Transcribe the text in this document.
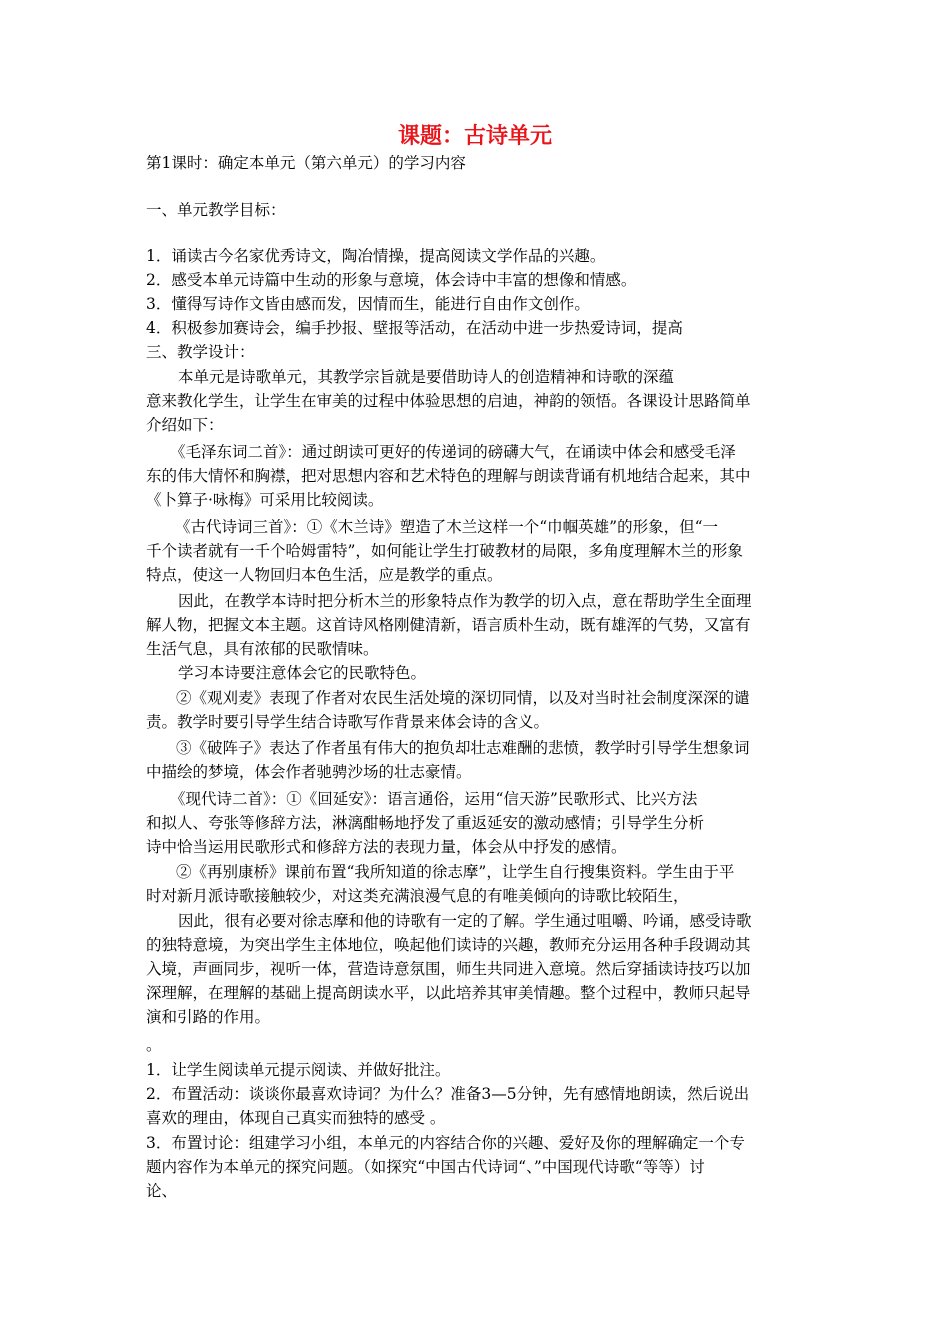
课题：古诗单元
第1课时：确定本单元（第六单元）的学习内容
一、单元教学目标：
1．诵读古今名家优秀诗文，陶冶情操，提高阅读文学作品的兴趣。
2．感受本单元诗篇中生动的形象与意境，体会诗中丰富的想像和情感。
3．懂得写诗作文皆由感而发，因情而生，能进行自由作文创作。
4．积极参加赛诗会，编手抄报、壁报等活动，在活动中进一步热爱诗词，提高
三、教学设计：
本单元是诗歌单元，其教学宗旨就是要借助诗人的创造精神和诗歌的深蕴
意来教化学生，让学生在审美的过程中体验思想的启迪，神韵的领悟。各课设计思路简单
介绍如下：
《毛泽东词二首》：通过朗读可更好的传递词的磅礴大气，在诵读中体会和感受毛泽
东的伟大情怀和胸襟，把对思想内容和艺术特色的理解与朗读背诵有机地结合起来，其中
《卜算子·咏梅》可采用比较阅读。
《古代诗词三首》：①《木兰诗》塑造了木兰这样一个“巾帼英雄”的形象，但“一
千个读者就有一千个哈姆雷特”，如何能让学生打破教材的局限，多角度理解木兰的形象
特点，使这一人物回归本色生活，应是教学的重点。
因此，在教学本诗时把分析木兰的形象特点作为教学的切入点，意在帮助学生全面理
解人物，把握文本主题。这首诗风格刚健清新，语言质朴生动，既有雄浑的气势，又富有
生活气息，具有浓郁的民歌情味。
学习本诗要注意体会它的民歌特色。
②《观刈麦》表现了作者对农民生活处境的深切同情，以及对当时社会制度深深的谴
责。教学时要引导学生结合诗歌写作背景来体会诗的含义。
③《破阵子》表达了作者虽有伟大的抱负却壮志难酬的悲愤，教学时引导学生想象词
中描绘的梦境，体会作者驰骋沙场的壮志豪情。
《现代诗二首》：①《回延安》：语言通俗，运用“信天游”民歌形式、比兴方法
和拟人、夸张等修辞方法，淋漓酣畅地抒发了重返延安的激动感情；引导学生分析
诗中恰当运用民歌形式和修辞方法的表现力量，体会从中抒发的感情。
②《再别康桥》课前布置“我所知道的徐志摩”，让学生自行搜集资料。学生由于平
时对新月派诗歌接触较少，对这类充满浪漫气息的有唯美倾向的诗歌比较陌生，
因此，很有必要对徐志摩和他的诗歌有一定的了解。学生通过咀嚼、吟诵，感受诗歌
的独特意境，为突出学生主体地位，唤起他们读诗的兴趣，教师充分运用各种手段调动其
入境，声画同步，视听一体，营造诗意氛围，师生共同进入意境。然后穿插读诗技巧以加
深理解，在理解的基础上提高朗读水平，以此培养其审美情趣。整个过程中，教师只起导
演和引路的作用。
。
1．让学生阅读单元提示阅读、并做好批注。
2．布置活动：谈谈你最喜欢诗词？为什么？准备3—5分钟，先有感情地朗读，然后说出
喜欢的理由，体现自己真实而独特的感受 。
3．布置讨论：组建学习小组，本单元的内容结合你的兴趣、爱好及你的理解确定一个专
题内容作为本单元的探究问题。（如探究“中国古代诗词“、”中国现代诗歌“等等）讨
论、
